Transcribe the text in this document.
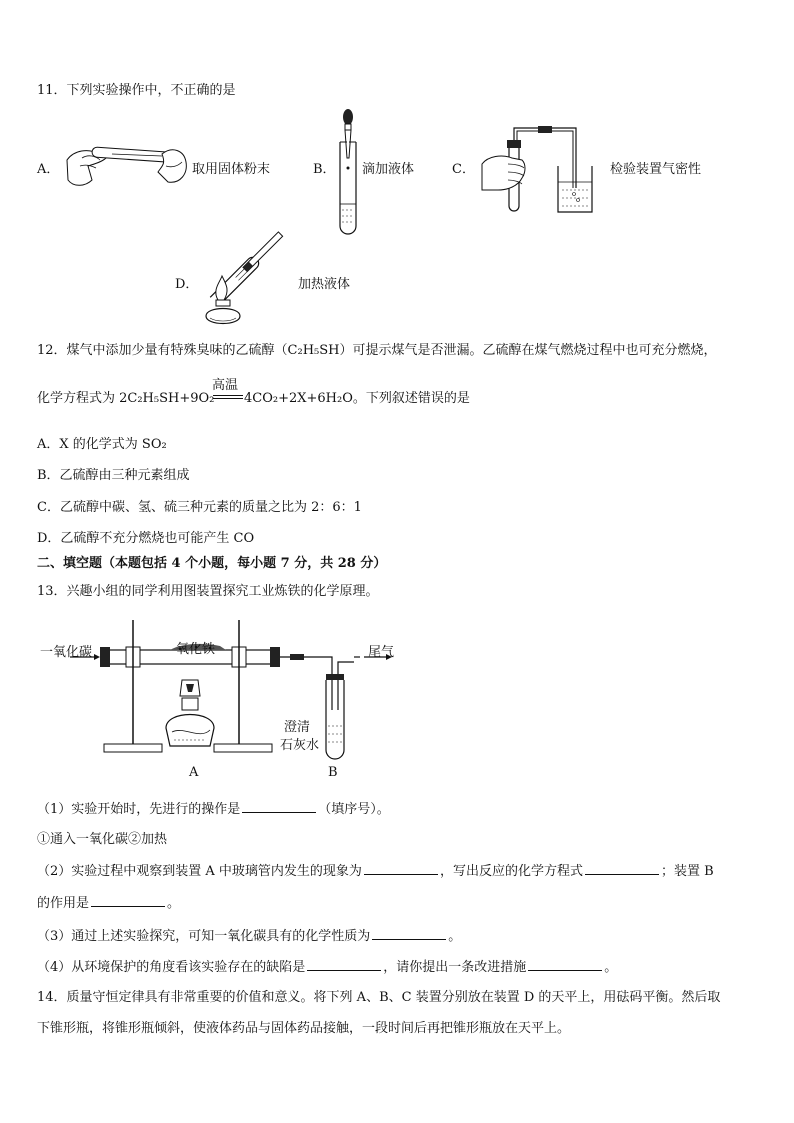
11．下列实验操作中，不正确的是
A．	取用固体粉末	B． 滴加液体	C．	检验装置气密性
D．	加热液体
12．煤气中添加少量有特殊臭味的乙硫醇（C₂H₅SH）可提示煤气是否泄漏。乙硫醇在煤气燃烧过程中也可充分燃烧，
高温
化学方程式为 2C₂H₅SH+9O₂ 4CO₂+2X+6H₂O。下列叙述错误的是
A．X 的化学式为 SO₂
B．乙硫醇由三种元素组成
C．乙硫醇中碳、氢、硫三种元素的质量之比为 2：6：1
D．乙硫醇不充分燃烧也可能产生 CO
二、填空题（本题包括 4 个小题，每小题 7 分，共 28 分）
13．兴趣小组的同学利用图装置探究工业炼铁的化学原理。
一氧化碳	氧化铁	尾气
澄清
石灰水
A	B
（1）实验开始时，先进行的操作是	（填序号）。
①通入一氧化碳②加热
（2）实验过程中观察到装置 A 中玻璃管内发生的现象为	，写出反应的化学方程式	；装置 B
的作用是	。
（3）通过上述实验探究，可知一氧化碳具有的化学性质为	。
（4）从环境保护的角度看该实验存在的缺陷是	，请你提出一条改进措施	。
14．质量守恒定律具有非常重要的价值和意义。将下列 A、B、C 装置分别放在装置 D 的天平上，用砝码平衡。然后取
下锥形瓶，将锥形瓶倾斜，使液体药品与固体药品接触，一段时间后再把锥形瓶放在天平上。
